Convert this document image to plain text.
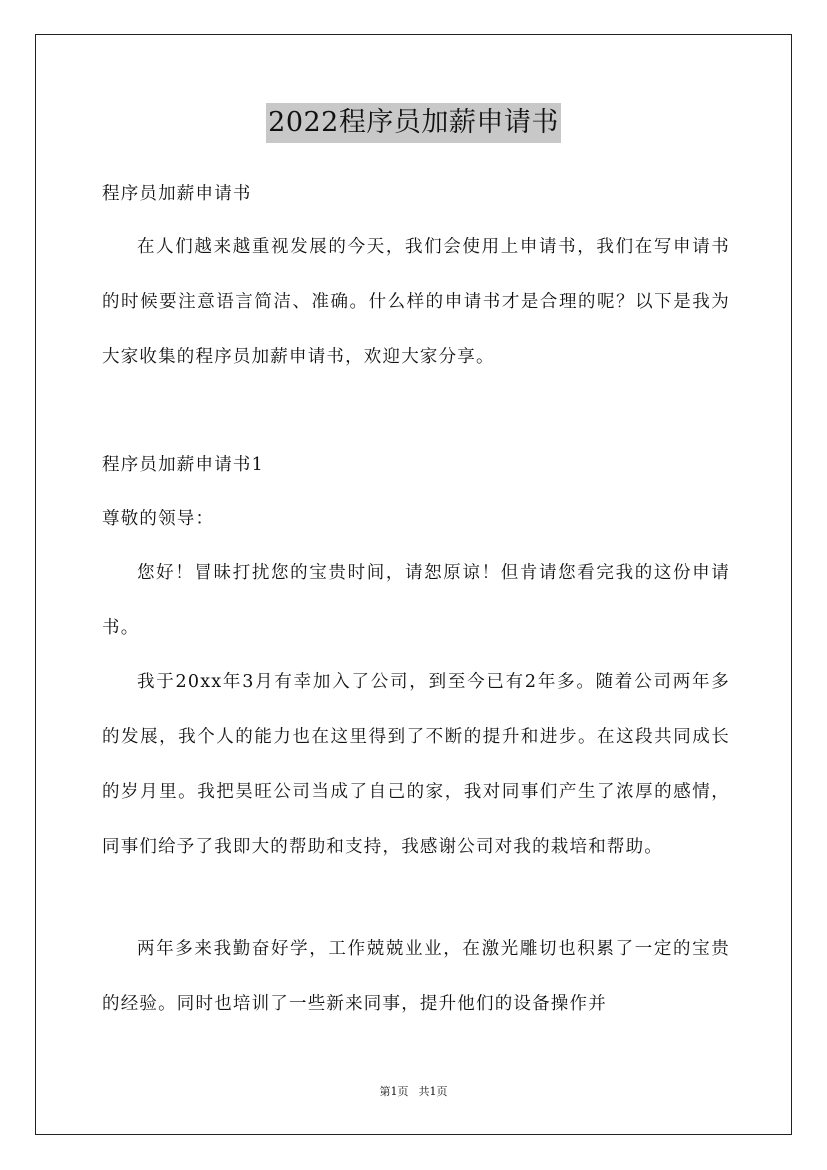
2022程序员加薪申请书
程序员加薪申请书
在人们越来越重视发展的今天，我们会使用上申请书，我们在写申请书的时候要注意语言简洁、准确。什么样的申请书才是合理的呢？以下是我为大家收集的程序员加薪申请书，欢迎大家分享。
程序员加薪申请书1
尊敬的领导：
您好！冒昧打扰您的宝贵时间，请恕原谅！但肯请您看完我的这份申请书。
我于20xx年3月有幸加入了公司，到至今已有2年多。随着公司两年多的发展，我个人的能力也在这里得到了不断的提升和进步。在这段共同成长的岁月里。我把昊旺公司当成了自己的家，我对同事们产生了浓厚的感情，同事们给予了我即大的帮助和支持，我感谢公司对我的栽培和帮助。
两年多来我勤奋好学，工作兢兢业业，在激光雕切也积累了一定的宝贵的经验。同时也培训了一些新来同事，提升他们的设备操作并
第1页 共1页
